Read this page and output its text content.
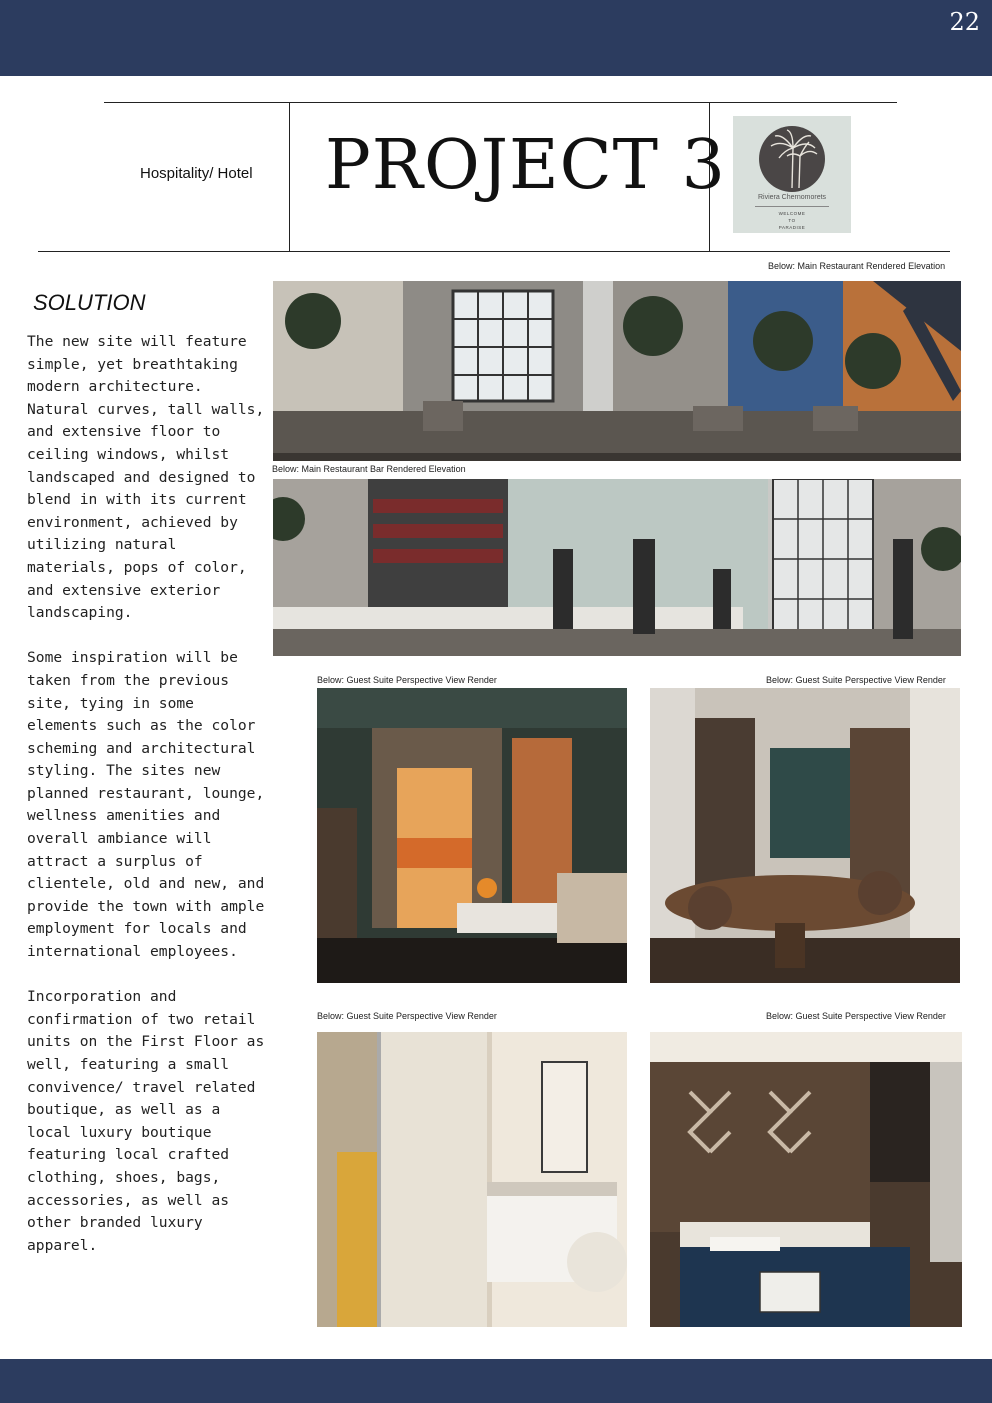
22
Hospitality/ Hotel PROJECT 3	Riviera Chernomorets
WELCOME
TO
PARADISE
SOLUTION

The new site will feature simple, yet breathtaking modern architecture. Natural curves, tall walls, and extensive floor to ceiling windows, whilst landscaped and designed to blend in with its current environment, achieved by utilizing natural materials, pops of color, and extensive exterior landscaping.

Some inspiration will be taken from the previous site, tying in some elements such as the color scheming and architectural styling. The sites new planned restaurant, lounge, wellness amenities and overall ambiance will attract a surplus of clientele, old and new, and provide the town with ample employment for locals and international employees.

Incorporation and confirmation of two retail units on the First Floor as well, featuring a small convivence/ travel related boutique, as well as a local luxury boutique featuring local crafted clothing, shoes, bags, accessories, as well as other branded luxury apparel.

Below: Main Restaurant Rendered Elevation
Below: Main Restaurant Bar Rendered Elevation
Below: Guest Suite Perspective View Render	Below: Guest Suite Perspective View Render
Below: Guest Suite Perspective View Render	Below: Guest Suite Perspective View Render
